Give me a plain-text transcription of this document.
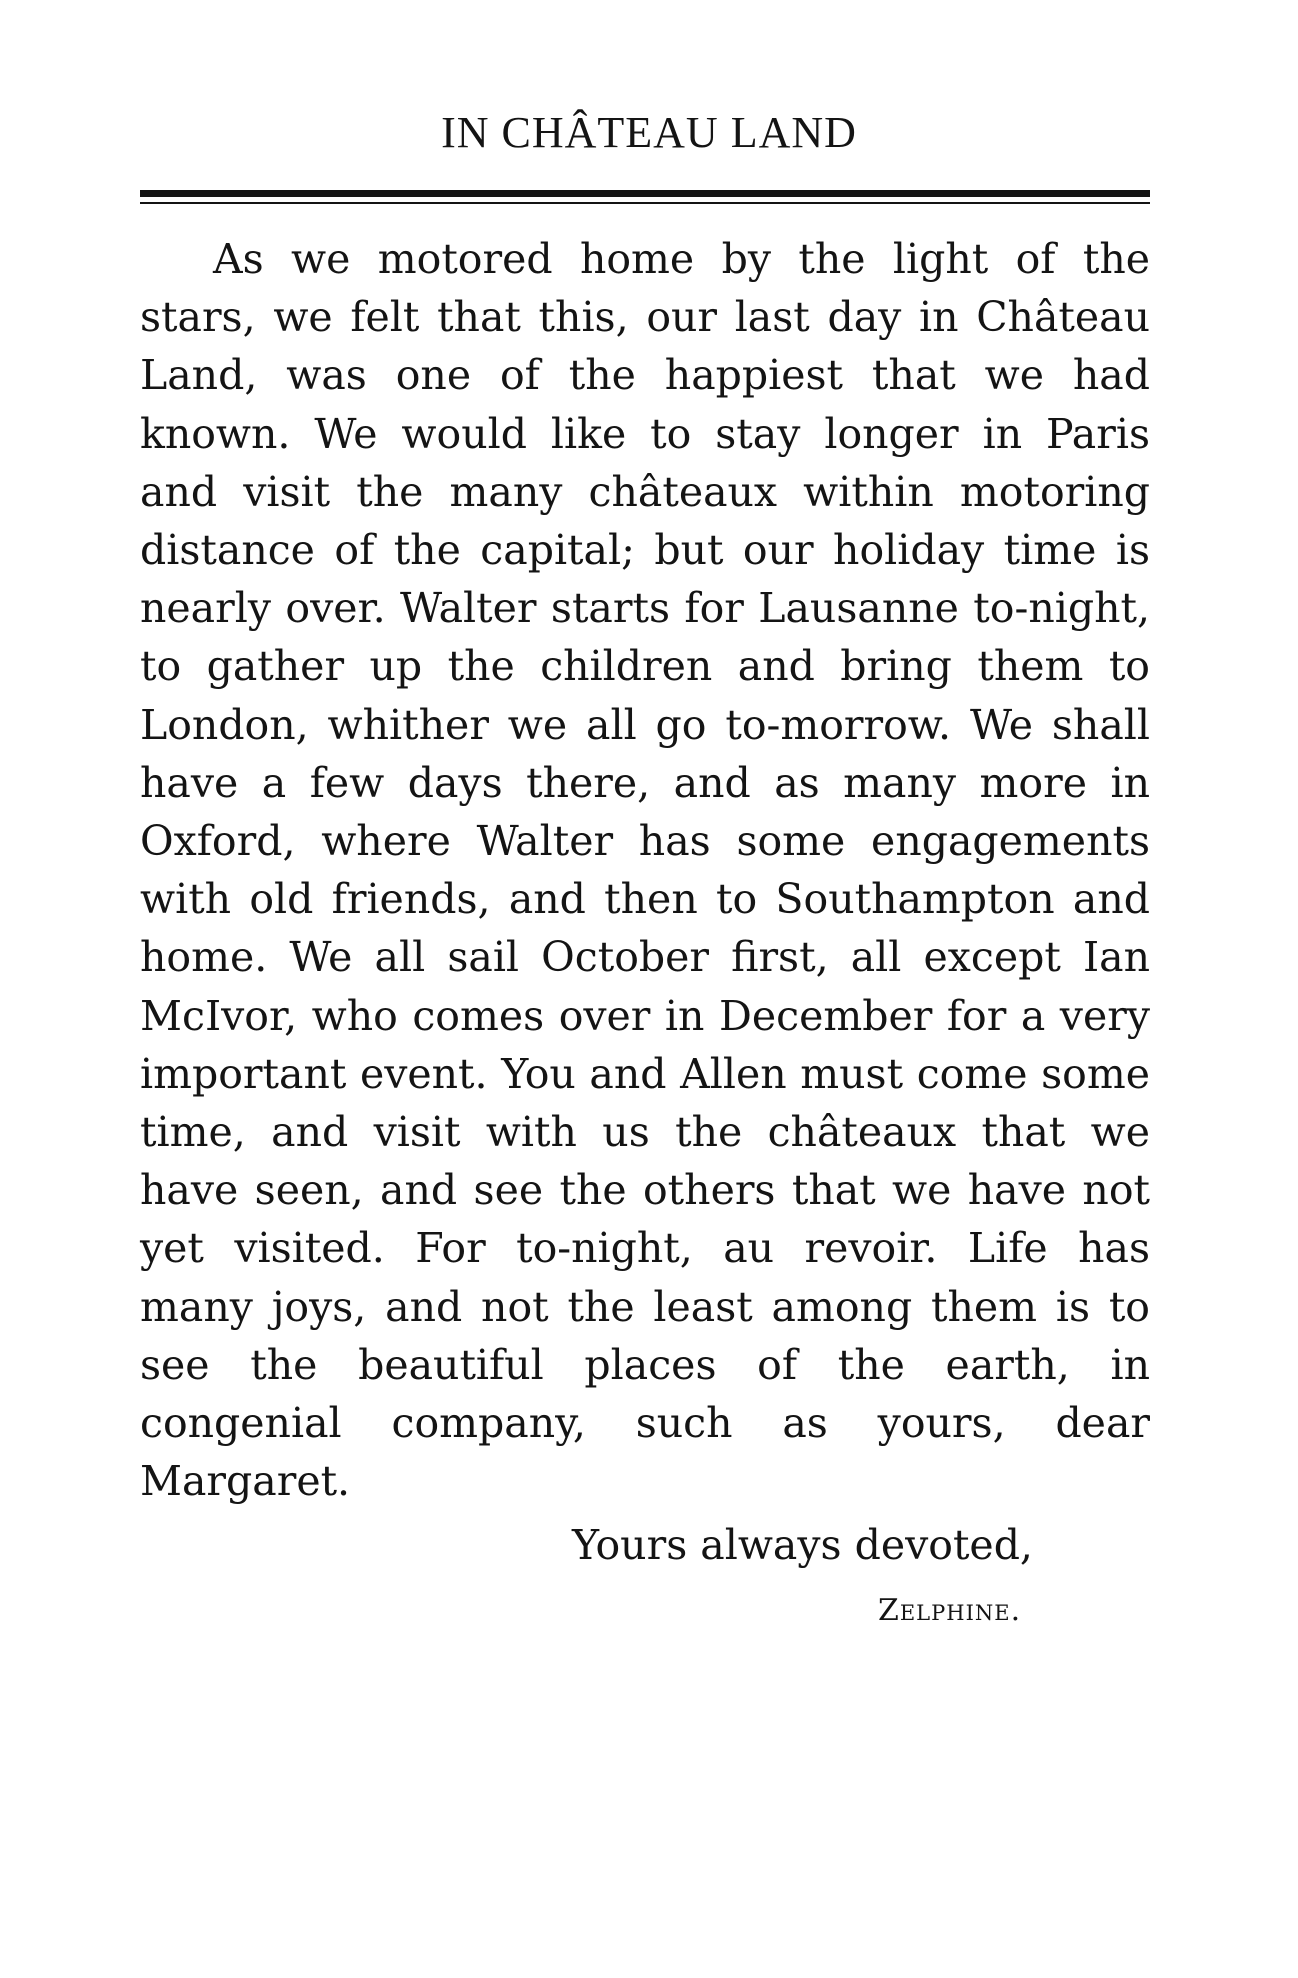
IN CHÂTEAU LAND

As we motored home by the light of the stars, we felt that this, our last day in Château Land, was one of the happiest that we had known. We would like to stay longer in Paris and visit the many châteaux within motoring distance of the capital; but our holiday time is nearly over. Walter starts for Lausanne to-night, to gather up the children and bring them to London, whither we all go to-morrow. We shall have a few days there, and as many more in Oxford, where Walter has some engagements with old friends, and then to Southampton and home. We all sail October first, all except Ian McIvor, who comes over in December for a very important event. You and Allen must come some time, and visit with us the châteaux that we have seen, and see the others that we have not yet visited. For to-night, au revoir. Life has many joys, and not the least among them is to see the beautiful places of the earth, in congenial company, such as yours, dear Margaret.

Yours always devoted,
Zelphine.
